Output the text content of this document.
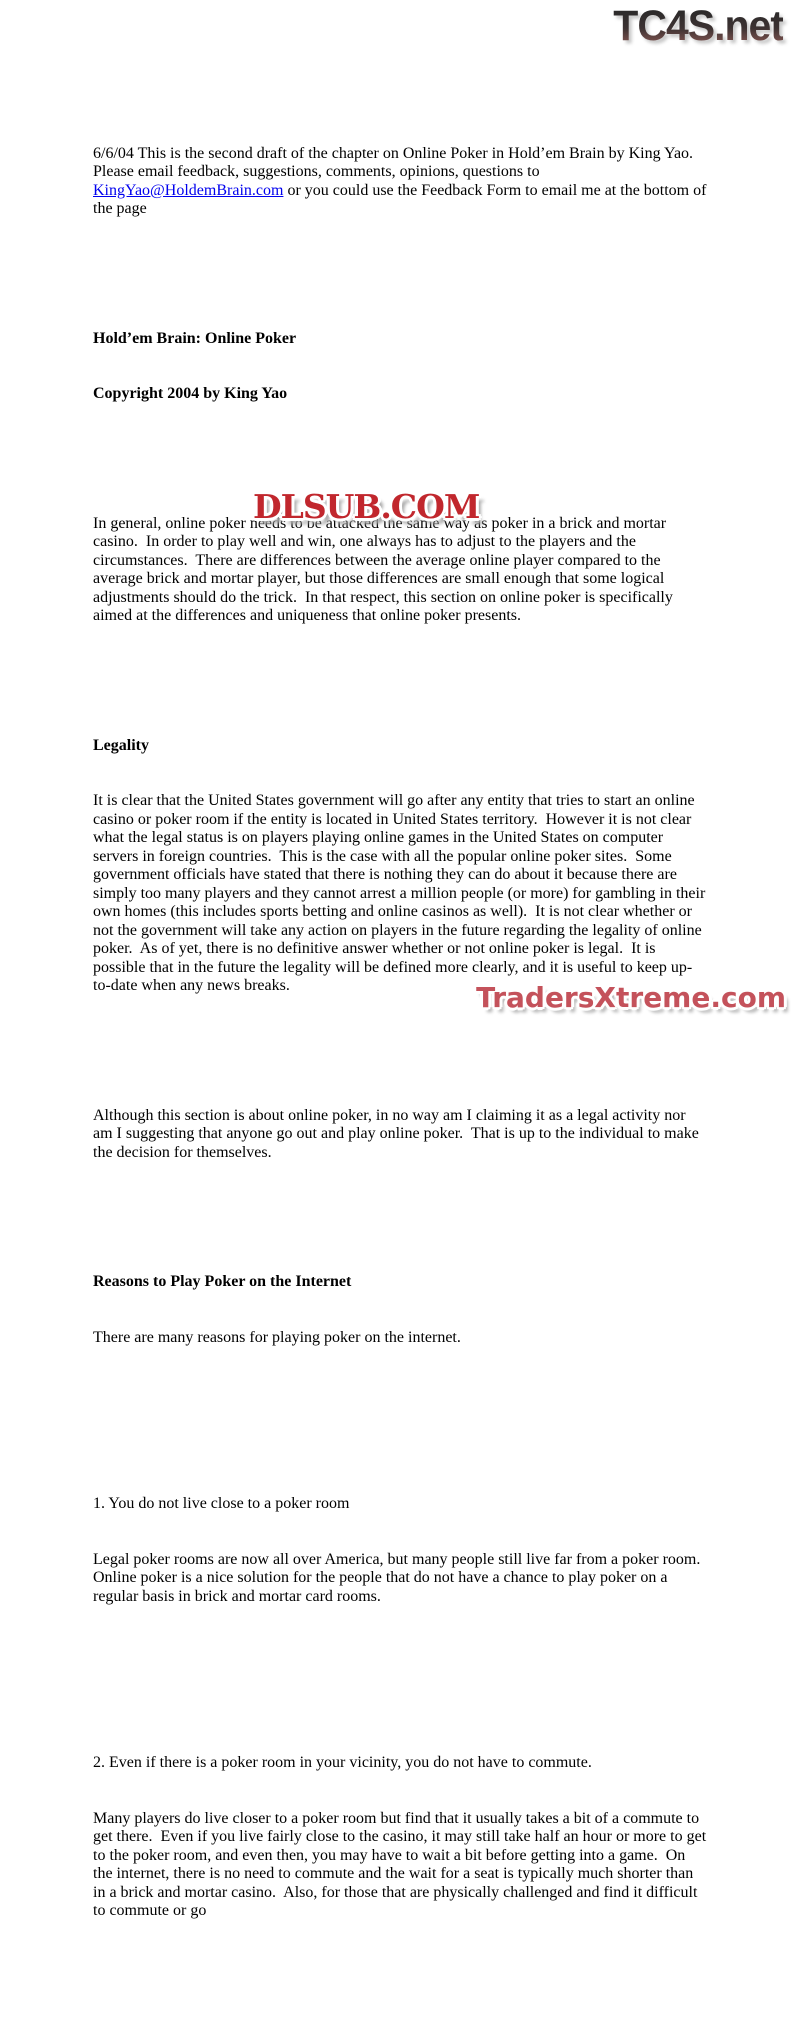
TC4S.net

6/6/04 This is the second draft of the chapter on Online Poker in Hold’em Brain by King Yao.  Please email feedback, suggestions, comments, opinions, questions to
KingYao@HoldemBrain.com or you could use the Feedback Form to email me at the bottom of the page

Hold’em Brain: Online Poker

Copyright 2004 by King Yao

In general, online poker needs to be attacked the same way as poker in a brick and mortar casino.  In order to play well and win, one always has to adjust to the players and the circumstances.  There are differences between the average online player compared to the average brick and mortar player, but those differences are small enough that some logical adjustments should do the trick.  In that respect, this section on online poker is specifically aimed at the differences and uniqueness that online poker presents.

Legality

It is clear that the United States government will go after any entity that tries to start an online casino or poker room if the entity is located in United States territory.  However it is not clear what the legal status is on players playing online games in the United States on computer servers in foreign countries.  This is the case with all the popular online poker sites.  Some government officials have stated that there is nothing they can do about it because there are simply too many players and they cannot arrest a million people (or more) for gambling in their own homes (this includes sports betting and online casinos as well).  It is not clear whether or not the government will take any action on players in the future regarding the legality of online poker.  As of yet, there is no definitive answer whether or not online poker is legal.  It is possible that in the future the legality will be defined more clearly, and it is useful to keep up-to-date when any news breaks.

Although this section is about online poker, in no way am I claiming it as a legal activity nor am I suggesting that anyone go out and play online poker.  That is up to the individual to make the decision for themselves.

Reasons to Play Poker on the Internet

There are many reasons for playing poker on the internet.

1. You do not live close to a poker room

Legal poker rooms are now all over America, but many people still live far from a poker room.  Online poker is a nice solution for the people that do not have a chance to play poker on a regular basis in brick and mortar card rooms.

2. Even if there is a poker room in your vicinity, you do not have to commute.

Many players do live closer to a poker room but find that it usually takes a bit of a commute to get there.  Even if you live fairly close to the casino, it may still take half an hour or more to get to the poker room, and even then, you may have to wait a bit before getting into a game.  On the internet, there is no need to commute and the wait for a seat is typically much shorter than in a brick and mortar casino.  Also, for those that are physically challenged and find it difficult to commute or go

DLSUB.COM
TradersXtreme.com
